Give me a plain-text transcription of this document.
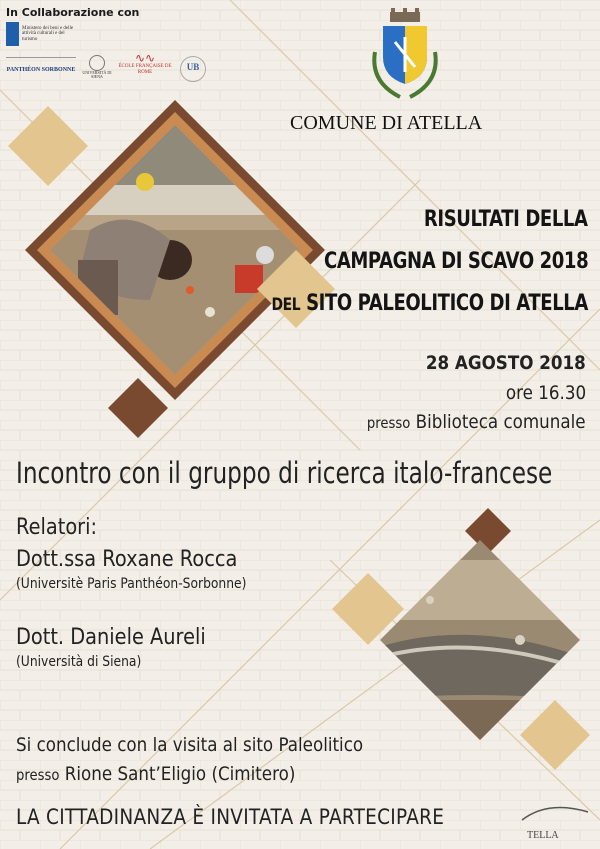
In Collaborazione con
Ministero dei beni e delle attività culturali e del turismo
PANTHÉON SORBONNE UNIVERSITÀ DI SIENA
∿∿
ÉCOLE FRANÇAISE DE ROME	UB
COMUNE DI ATELLA
RISULTATI DELLA
CAMPAGNA DI SCAVO 2018
DEL SITO PALEOLITICO DI ATELLA
28 AGOSTO 2018
ore 16.30
presso Biblioteca comunale
Incontro con il gruppo di ricerca italo-francese
Relatori:
Dott.ssa Roxane Rocca
(Universitè Paris Panthéon-Sorbonne)
Dott. Daniele Aureli
(Università di Siena)
Si conclude con la visita al sito Paleolitico
presso Rione Sant’Eligio (Cimitero)
LA CITTADINANZA È INVITATA A PARTECIPARE
TELLA
